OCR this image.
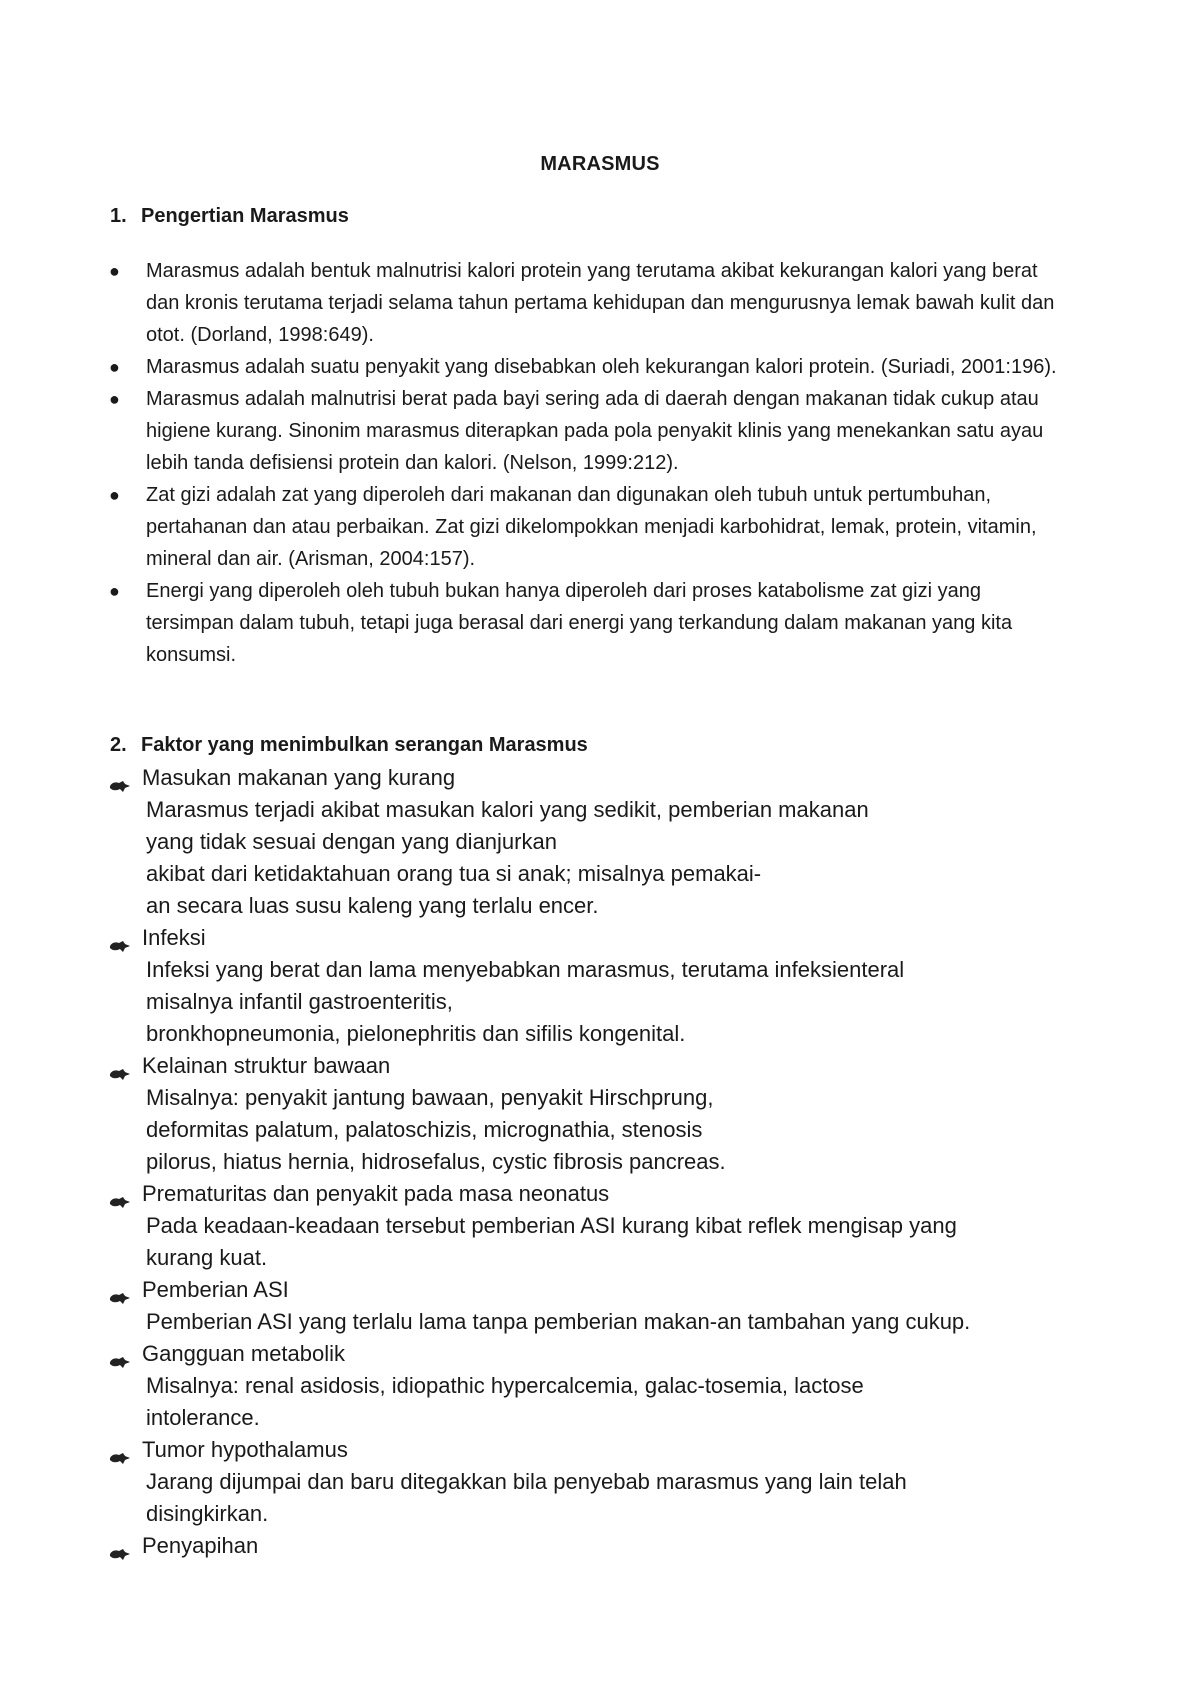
MARASMUS
1. Pengertian Marasmus
● Marasmus adalah bentuk malnutrisi kalori protein yang terutama akibat kekurangan kalori yang berat dan kronis terutama terjadi selama tahun pertama kehidupan dan mengurusnya lemak bawah kulit dan otot. (Dorland, 1998:649).
● Marasmus adalah suatu penyakit yang disebabkan oleh kekurangan kalori protein. (Suriadi, 2001:196).
● Marasmus adalah malnutrisi berat pada bayi sering ada di daerah dengan makanan tidak cukup atau higiene kurang. Sinonim marasmus diterapkan pada pola penyakit klinis yang menekankan satu ayau lebih tanda defisiensi protein dan kalori. (Nelson, 1999:212).
● Zat gizi adalah zat yang diperoleh dari makanan dan digunakan oleh tubuh untuk pertumbuhan, pertahanan dan atau perbaikan. Zat gizi dikelompokkan menjadi karbohidrat, lemak, protein, vitamin, mineral dan air. (Arisman, 2004:157).
● Energi yang diperoleh oleh tubuh bukan hanya diperoleh dari proses katabolisme zat gizi yang tersimpan dalam tubuh, tetapi juga berasal dari energi yang terkandung dalam makanan yang kita konsumsi.
2. Faktor yang menimbulkan serangan Marasmus
Masukan makanan yang kurang
Marasmus terjadi akibat masukan kalori yang sedikit, pemberian makanan
yang tidak sesuai dengan yang dianjurkan
akibat dari ketidaktahuan orang tua si anak; misalnya pemakai-
an secara luas susu kaleng yang terlalu encer.
Infeksi
Infeksi yang berat dan lama menyebabkan marasmus, terutama infeksienteral
misalnya infantil gastroenteritis,
bronkhopneumonia, pielonephritis dan sifilis kongenital.
Kelainan struktur bawaan
Misalnya: penyakit jantung bawaan, penyakit Hirschprung,
deformitas palatum, palatoschizis, micrognathia, stenosis
pilorus, hiatus hernia, hidrosefalus, cystic fibrosis pancreas.
Prematuritas dan penyakit pada masa neonatus
Pada keadaan-keadaan tersebut pemberian ASI kurang kibat reflek mengisap yang
kurang kuat.
Pemberian ASI
Pemberian ASI yang terlalu lama tanpa pemberian makan-an tambahan yang cukup.
Gangguan metabolik
Misalnya: renal asidosis, idiopathic hypercalcemia, galac-tosemia, lactose
intolerance.
Tumor hypothalamus
Jarang dijumpai dan baru ditegakkan bila penyebab marasmus yang lain telah
disingkirkan.
Penyapihan
